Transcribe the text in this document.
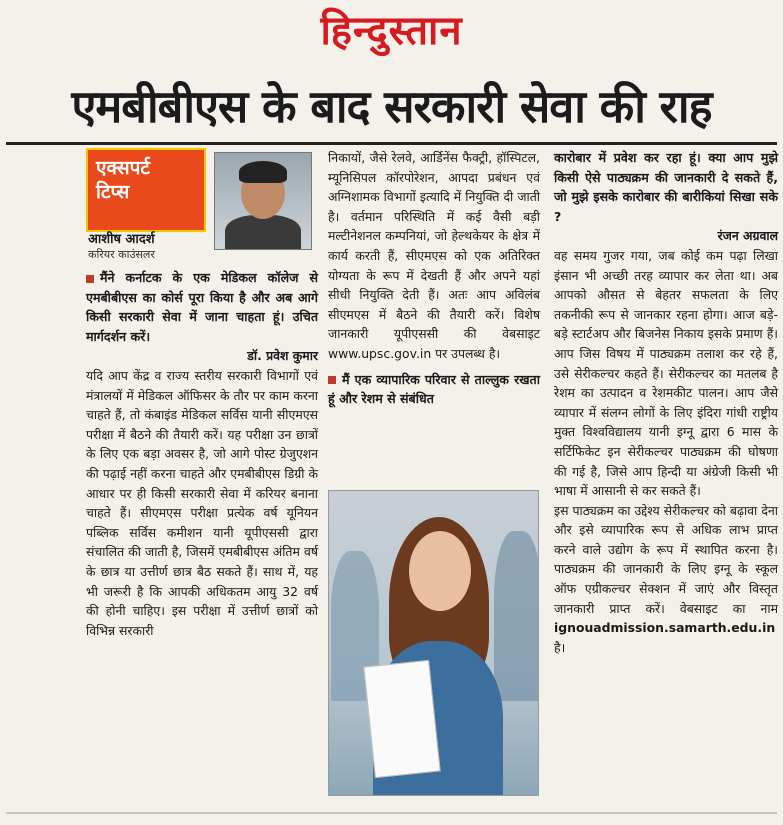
हिन्दुस्तान
एमबीबीएस के बाद सरकारी सेवा की राह
एक्सपर्ट
टिप्स
आशीष आदर्श
करियर काउंसलर

मैंने कर्नाटक के एक मेडिकल कॉलेज से एमबीबीएस का कोर्स पूरा किया है और अब आगे किसी सरकारी सेवा में जाना चाहता हूं। उचित मार्गदर्शन करें।

डॉ. प्रवेश कुमार

यदि आप केंद्र व राज्य स्तरीय सरकारी विभागों एवं मंत्रालयों में मेडिकल ऑफिसर के तौर पर काम करना चाहते हैं, तो कंबाइंड मेडिकल सर्विस यानी सीएमएस परीक्षा में बैठने की तैयारी करें। यह परीक्षा उन छात्रों के लिए एक बड़ा अवसर है, जो आगे पोस्ट ग्रेजुएशन की पढ़ाई नहीं करना चाहते और एमबीबीएस डिग्री के आधार पर ही किसी सरकारी सेवा में करियर बनाना चाहते हैं। सीएमएस परीक्षा प्रत्येक वर्ष यूनियन पब्लिक सर्विस कमीशन यानी यूपीएससी द्वारा संचालित की जाती है, जिसमें एमबीबीएस अंतिम वर्ष के छात्र या उत्तीर्ण छात्र बैठ सकते हैं। साथ में, यह भी जरूरी है कि आपकी अधिकतम आयु 32 वर्ष की होनी चाहिए। इस परीक्षा में उत्तीर्ण छात्रों को विभिन्न सरकारी

निकायों, जैसे रेलवे, आर्डिनेंस फैक्ट्री, हॉस्पिटल, म्यूनिसिपल कॉरपोरेशन, आपदा प्रबंधन एवं अग्निशामक विभागों इत्यादि में नियुक्ति दी जाती है। वर्तमान परिस्थिति में कई वैसी बड़ी मल्टीनेशनल कम्पनियां, जो हेल्थकेयर के क्षेत्र में कार्य करती हैं, सीएमएस को एक अतिरिक्त योग्यता के रूप में देखती हैं और अपने यहां सीधी नियुक्ति देती हैं। अतः आप अविलंब सीएमएस में बैठने की तैयारी करें। विशेष जानकारी यूपीएससी की वेबसाइट www.upsc.gov.in पर उपलब्ध है।

मैं एक व्यापारिक परिवार से ताल्लुक रखता हूं और रेशम से संबंधित

कारोबार में प्रवेश कर रहा हूं। क्या आप मुझे किसी ऐसे पाठ्यक्रम की जानकारी दे सकते हैं, जो मुझे इसके कारोबार की बारीकियां सिखा सके ?

रंजन अग्रवाल

वह समय गुजर गया, जब कोई कम पढ़ा लिखा इंसान भी अच्छी तरह व्यापार कर लेता था। अब आपको औसत से बेहतर सफलता के लिए तकनीकी रूप से जानकार रहना होगा। आज बड़े-बड़े स्टार्टअप और बिजनेस निकाय इसके प्रमाण हैं। आप जिस विषय में पाठ्यक्रम तलाश कर रहे हैं, उसे सेरीकल्चर कहते हैं। सेरीकल्चर का मतलब है रेशम का उत्पादन व रेशमकीट पालन। आप जैसे व्यापार में संलग्न लोगों के लिए इंदिरा गांधी राष्ट्रीय मुक्त विश्वविद्यालय यानी इग्नू द्वारा 6 मास के सर्टिफिकेट इन सेरीकल्चर पाठ्यक्रम की घोषणा की गई है, जिसे आप हिन्दी या अंग्रेजी किसी भी भाषा में आसानी से कर सकते हैं।

इस पाठ्यक्रम का उद्देश्य सेरीकल्चर को बढ़ावा देना और इसे व्यापारिक रूप से अधिक लाभ प्राप्त करने वाले उद्योग के रूप में स्थापित करना है। पाठ्यक्रम की जानकारी के लिए इग्नू के स्कूल ऑफ एग्रीकल्चर सेक्शन में जाएं और विस्तृत जानकारी प्राप्त करें। वेबसाइट का नाम ignouadmission.samarth.edu.in है।
